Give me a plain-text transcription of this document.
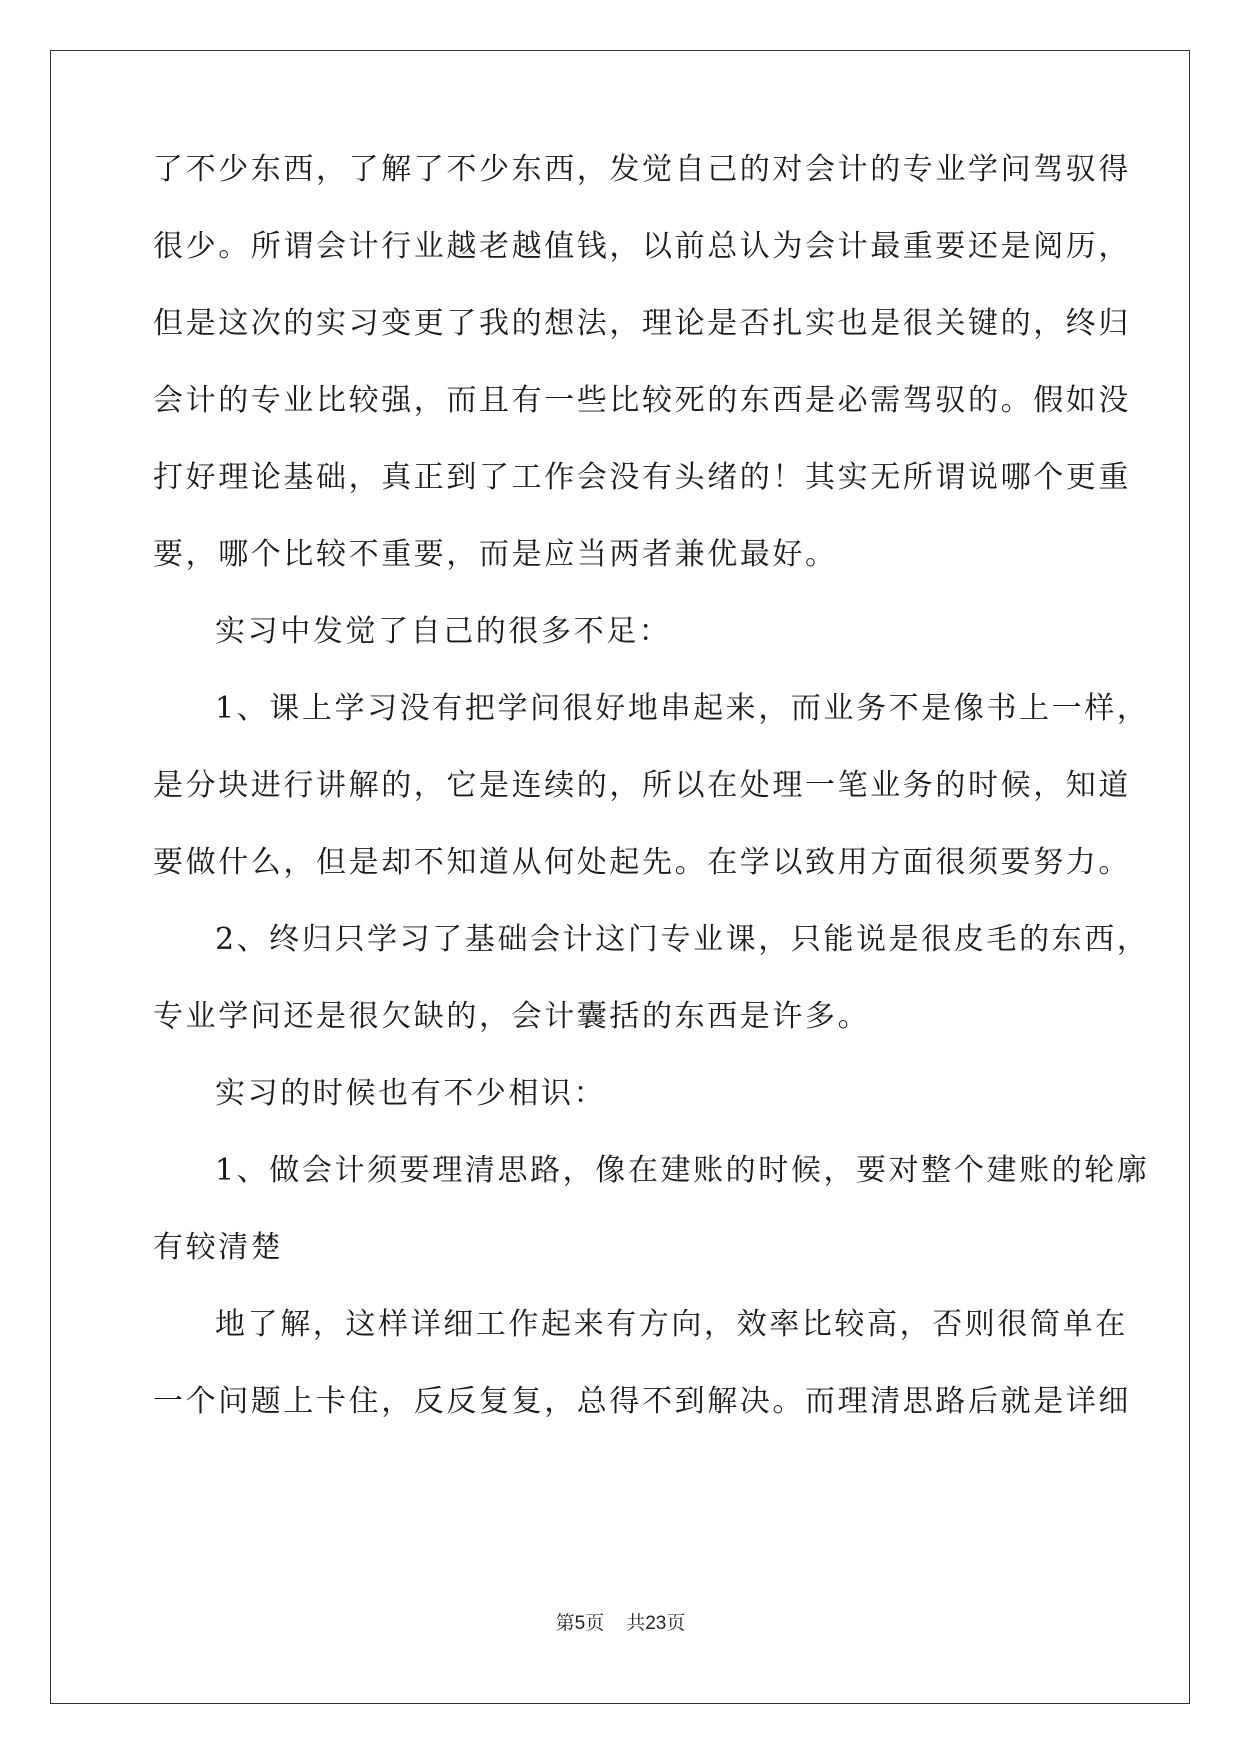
了不少东西，了解了不少东西，发觉自己的对会计的专业学问驾驭得
很少。所谓会计行业越老越值钱，以前总认为会计最重要还是阅历，
但是这次的实习变更了我的想法，理论是否扎实也是很关键的，终归
会计的专业比较强，而且有一些比较死的东西是必需驾驭的。假如没
打好理论基础，真正到了工作会没有头绪的！其实无所谓说哪个更重
要，哪个比较不重要，而是应当两者兼优最好。
实习中发觉了自己的很多不足：
1、课上学习没有把学问很好地串起来，而业务不是像书上一样，
是分块进行讲解的，它是连续的，所以在处理一笔业务的时候，知道
要做什么，但是却不知道从何处起先。在学以致用方面很须要努力。
2、终归只学习了基础会计这门专业课，只能说是很皮毛的东西，
专业学问还是很欠缺的，会计囊括的东西是许多。
实习的时候也有不少相识：
1、做会计须要理清思路，像在建账的时候，要对整个建账的轮廓
有较清楚
地了解，这样详细工作起来有方向，效率比较高，否则很简单在
一个问题上卡住，反反复复，总得不到解决。而理清思路后就是详细
第5页 共23页
